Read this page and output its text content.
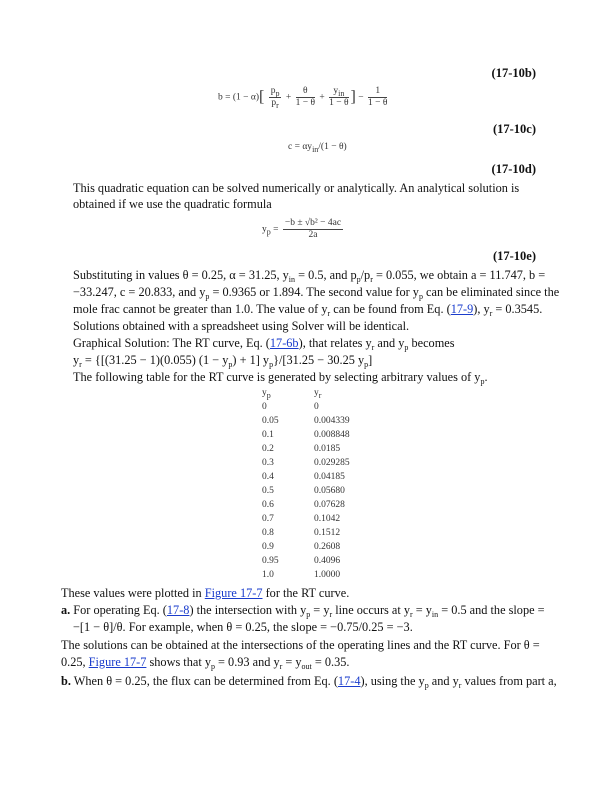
(17-10b)
$b = (1 - \alpha)[ \frac{p_p}{p_r} + \frac{\theta}{1 - \theta} + \frac{y_{in}}{1 - \theta}$ ] − $\frac{1}{1 - \theta}$
(17-10c)
$c = \alpha y_{in}/(1 - \theta)$
(17-10d)
This quadratic equation can be solved numerically or analytically. An analytical solution is
obtained if we use the quadratic formula
$y_p = \frac{\text{−b ± √b² − 4ac}}{2a}$
(17-10e)
Substituting in values θ = 0.25, α = 31.25, $y_{in} = 0.5$, and $p_p/p_r = 0.055$, we obtain a = 11.747, b =
−33.247, c = 20.833, and $y_p = 0.9365$ or 1.894. The second value for $y_p$ can be eliminated since the
mole frac cannot be greater than 1.0. The value of $y_r$ can be found from Eq. (17-9), $y_r = 0.3545$.
Solutions obtained with a spreadsheet using Solver will be identical.
Graphical Solution: The RT curve, Eq. (17-6b), that relates $y_r$ and $y_p$ becomes
$y_r = \{[(31.25 - 1)(0.055) (1 - y_p) + 1] y_p\}/[31.25 - 30.25$ $y_p$]
The following table for the RT curve is generated by selecting arbitrary values of $y_p$.
$y_p$	$y_r$
0	0
0.05	0.004339
0.1	0.008848
0.2	0.0185
0.3	0.029285
0.4	0.04185
0.5	0.05680
0.6	0.07628
0.7	0.1042
0.8	0.1512
0.9	0.2608
0.95	0.4096
1.0	1.0000
These values were plotted in Figure 17-7 for the RT curve.
a. For operating Eq. (17-8) the intersection with $y_p = y_r$ line occurs at $y_r = y_{in} = 0.5$ and the slope =
−[1 − θ]/θ. For example, when θ = 0.25, the slope = −0.75/0.25 = −3.
The solutions can be obtained at the intersections of the operating lines and the RT curve. For θ =
0.25, Figure 17-7 shows that $y_p = 0.93$ and $y_r = y_{out} = 0.35$.
b. When θ = 0.25, the flux can be determined from Eq. (17-4), using the $y_p$ and $y_r$ values from part a,
